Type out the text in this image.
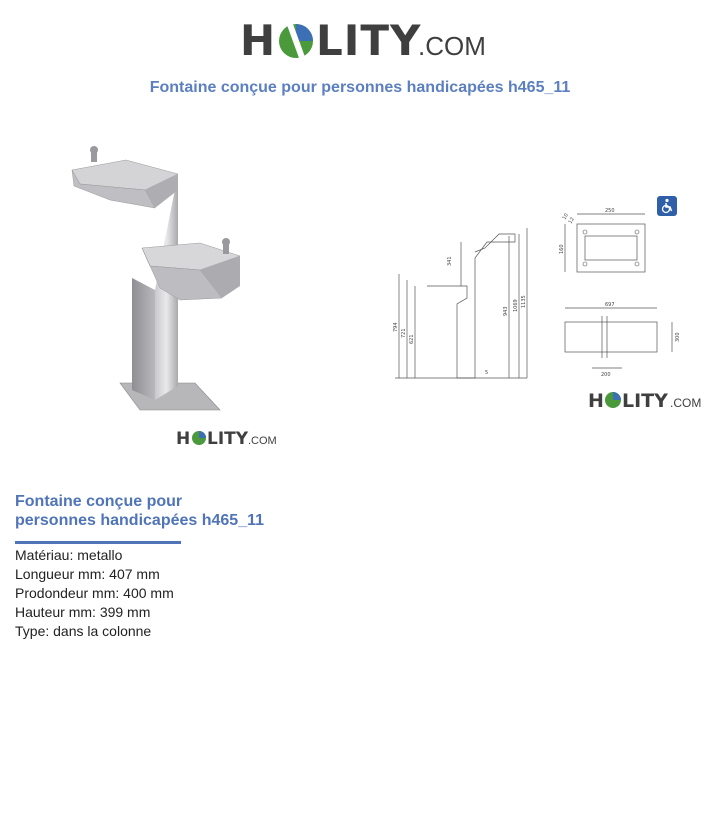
H LITY
.COM
Fontaine conçue pour personnes handicapées h465_11
H LITY .COM
341
794
721
621
943 1069 1135
5
250
160
10
12
697
300
200
H LITY .COM
Fontaine conçue pour
personnes handicapées h465_11
Matériau: metallo
Longueur mm: 407 mm
Prodondeur mm: 400 mm
Hauteur mm: 399 mm
Type: dans la colonne
